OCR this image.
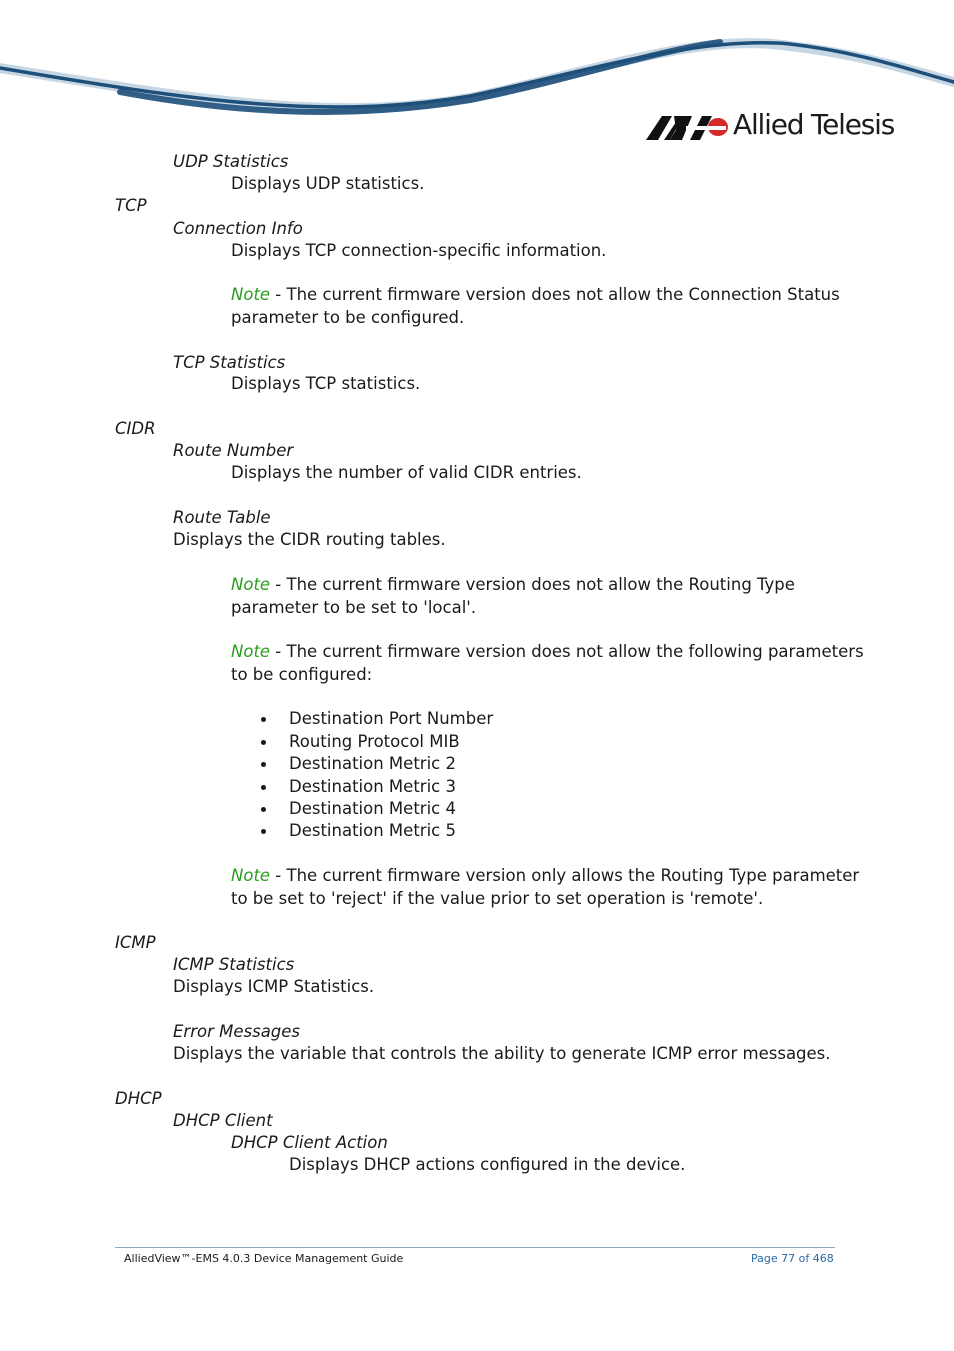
Allied Telesis
UDP Statistics
Displays UDP statistics.
TCP
Connection Info
Displays TCP connection-specific information.
Note - The current firmware version does not allow the Connection Status
parameter to be configured.
TCP Statistics
Displays TCP statistics.
CIDR
Route Number
Displays the number of valid CIDR entries.
Route Table
Displays the CIDR routing tables.
Note - The current firmware version does not allow the Routing Type
parameter to be set to 'local'.
Note - The current firmware version does not allow the following parameters
to be configured:
Destination Port Number
Routing Protocol MIB
Destination Metric 2
Destination Metric 3
Destination Metric 4
Destination Metric 5
Note - The current firmware version only allows the Routing Type parameter
to be set to 'reject' if the value prior to set operation is 'remote'.
ICMP
ICMP Statistics
Displays ICMP Statistics.
Error Messages
Displays the variable that controls the ability to generate ICMP error messages.
DHCP
DHCP Client
DHCP Client Action
Displays DHCP actions configured in the device.
AlliedView™-EMS 4.0.3 Device Management Guide	Page 77 of 468
